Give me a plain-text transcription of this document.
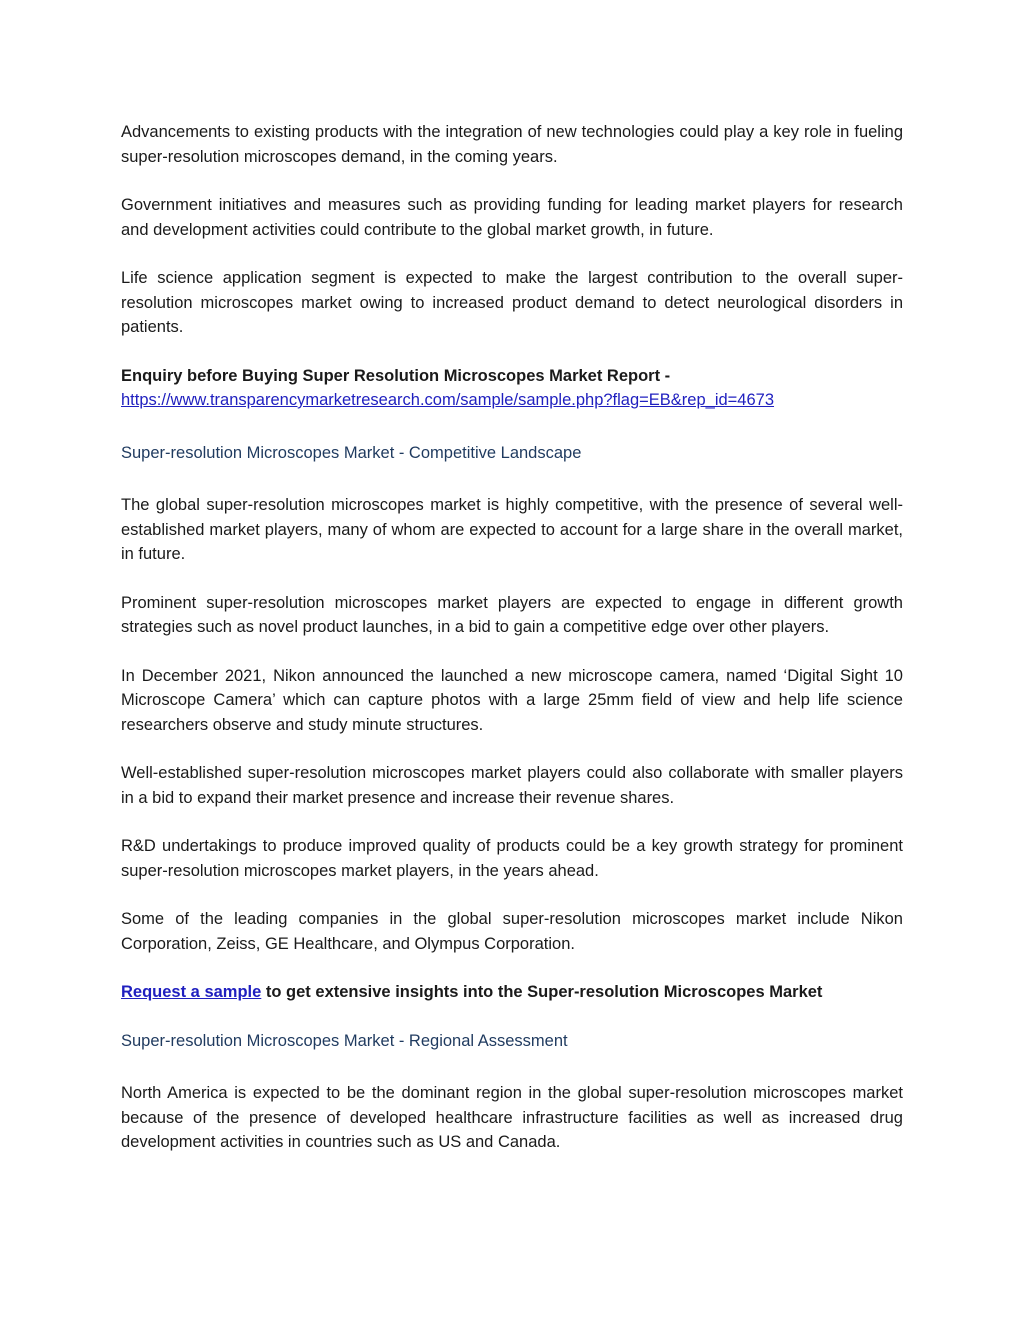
Advancements to existing products with the integration of new technologies could play a key role in fueling super-resolution microscopes demand, in the coming years.

Government initiatives and measures such as providing funding for leading market players for research and development activities could contribute to the global market growth, in future.

Life science application segment is expected to make the largest contribution to the overall super-resolution microscopes market owing to increased product demand to detect neurological disorders in patients.

Enquiry before Buying Super Resolution Microscopes Market Report -

https://www.transparencymarketresearch.com/sample/sample.php?flag=EB&rep_id=4673

Super-resolution Microscopes Market - Competitive Landscape

The global super-resolution microscopes market is highly competitive, with the presence of several well-established market players, many of whom are expected to account for a large share in the overall market, in future.

Prominent super-resolution microscopes market players are expected to engage in different growth strategies such as novel product launches, in a bid to gain a competitive edge over other players.

In December 2021, Nikon announced the launched a new microscope camera, named ‘Digital Sight 10 Microscope Camera’ which can capture photos with a large 25mm field of view and help life science researchers observe and study minute structures.

Well-established super-resolution microscopes market players could also collaborate with smaller players in a bid to expand their market presence and increase their revenue shares.

R&D undertakings to produce improved quality of products could be a key growth strategy for prominent super-resolution microscopes market players, in the years ahead.

Some of the leading companies in the global super-resolution microscopes market include Nikon Corporation, Zeiss, GE Healthcare, and Olympus Corporation.

Request a sample to get extensive insights into the Super-resolution Microscopes Market

Super-resolution Microscopes Market - Regional Assessment

North America is expected to be the dominant region in the global super-resolution microscopes market because of the presence of developed healthcare infrastructure facilities as well as increased drug development activities in countries such as US and Canada.
